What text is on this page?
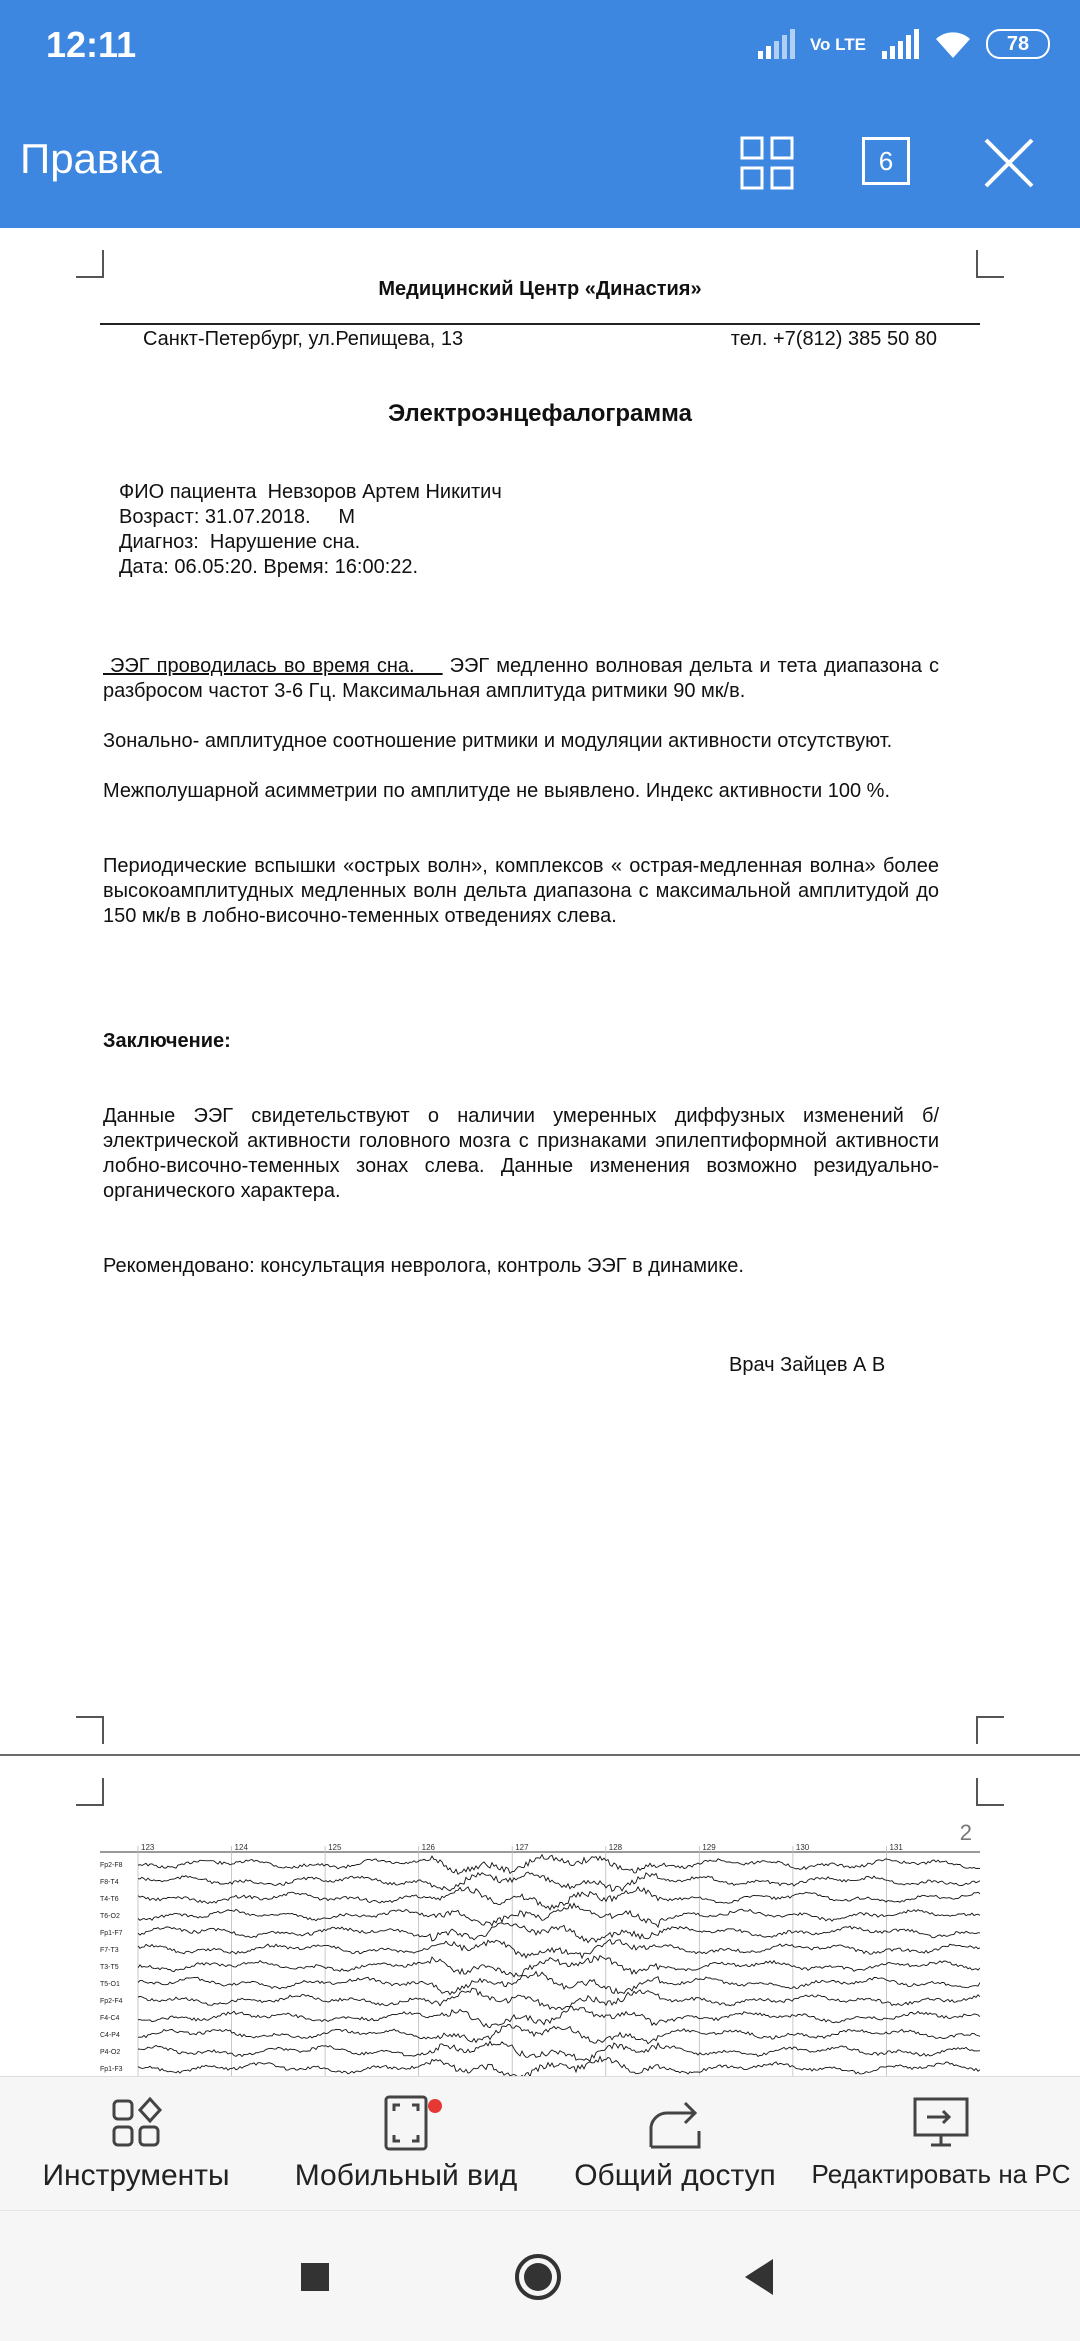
12:11	Vo LTE	78
Правка	6
Медицинский Центр «Династия»
Санкт-Петербург, ул.Репищева, 13	тел. +7(812) 385 50 80
Электроэнцефалограмма
ФИО пациента  Невзоров Артем Никитич
Возраст: 31.07.2018.     М
Диагноз:  Нарушение сна.
Дата: 06.05:20. Время: 16:00:22.

ЭЭГ проводилась во время сна.     ЭЭГ медленно волновая дельта и тета диапазона с разбросом частот 3-6 Гц. Максимальная амплитуда ритмики 90 мк/в.

Зонально- амплитудное соотношение ритмики и модуляции активности отсутствуют.

Межполушарной асимметрии по амплитуде не выявлено. Индекс активности 100 %.

Периодические вспышки «острых волн», комплексов « острая-медленная волна» более высокоамплитудных медленных волн дельта диапазона с максимальной амплитудой до 150 мк/в в лобно-височно-теменных отведениях слева.

Заключение:

Данные ЭЭГ свидетельствуют о наличии умеренных диффузных изменений б/электрической активности головного мозга с признаками эпилептиформной активности лобно-височно-теменных зонах слева. Данные изменения возможно резидуально-органического характера.

Рекомендовано: консультация невролога, контроль ЭЭГ в динамике.
Врач Зайцев А В
2
123	124	125	126	127	128	129	130	131
Fp2-F8
F8-T4
T4-T6
T6-O2
Fp1-F7
F7-T3
T3-T5
T5-O1
Fp2-F4
F4-C4
C4-P4
P4-O2
Fp1-F3
Инструменты	Мобильный вид Общий доступ Редактировать на PC
